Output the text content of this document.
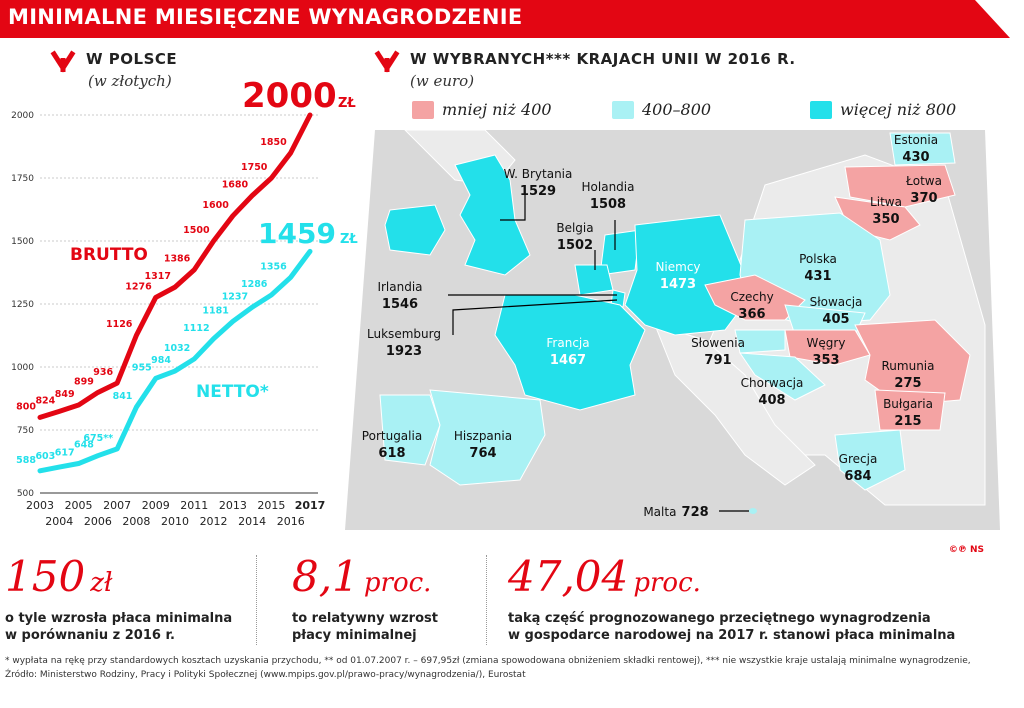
MINIMALNE MIESIĘCZNE WYNAGRODZENIE
W POLSCE
(w złotych)
W WYBRANYCH*** KRAJACH UNII W 2016 R.
(w euro)
mniej niż 400	400–800	więcej niż 800
500
750
1000
1250
1500
1750
2000
2003 2005 2007 2009 2011 2013 2015 2017
2004 2006 2008 2010 2012 2014 2016
800
824
849
899
936
1126
1276
1317
1386
1500
1600
1680
1750
1850
588 603 617
648
675**
841
955
984
1032
1112
1181
1237
1286
1356
BRUTTO
NETTO*
2000 ZŁ
1459 ZŁ
W. Brytania
1529	Holandia
1508
Belgia
1502
Irlandia
1546
Niemcy
1473
Luksemburg
1923
Francja
1467
Portugalia
618
Hiszpania
764
Estonia
430
Łotwa
370
Litwa
350
Polska
431
Czechy
366
Słowacja
405
Słowenia
791
Węgry
353	Rumunia
275
Chorwacja
408	Bułgaria
215
Grecja
684
Malta 728
150 zł
o tyle wzrosła płaca minimalna
w porównaniu z 2016 r.
8,1 proc.
to relatywny wzrost
płacy minimalnej
47,04 proc.
taką część prognozowanego przeciętnego wynagrodzenia
w gospodarce narodowej na 2017 r. stanowi płaca minimalna
©℗ NS
* wypłata na rękę przy standardowych kosztach uzyskania przychodu, ** od 01.07.2007 r. – 697,95zł (zmiana spowodowana obniżeniem składki rentowej), *** nie wszystkie kraje ustalają minimalne wynagrodzenie,
Źródło: Ministerstwo Rodziny, Pracy i Polityki Społecznej (www.mpips.gov.pl/prawo-pracy/wynagrodzenia/), Eurostat
